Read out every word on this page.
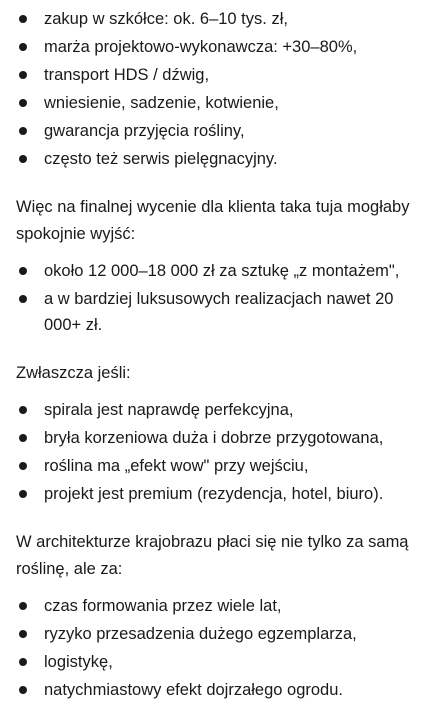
zakup w szkółce: ok. 6–10 tys. zł,
marża projektowo-wykonawcza: +30–80%,
transport HDS / dźwig,
wniesienie, sadzenie, kotwienie,
gwarancja przyjęcia rośliny,
często też serwis pielęgnacyjny.

Więc na finalnej wycenie dla klienta taka tuja mogłaby spokojnie wyjść:

około 12 000–18 000 zł za sztukę „z montażem",
a w bardziej luksusowych realizacjach nawet 20 000+ zł.

Zwłaszcza jeśli:

spirala jest naprawdę perfekcyjna,
bryła korzeniowa duża i dobrze przygotowana,
roślina ma „efekt wow" przy wejściu,
projekt jest premium (rezydencja, hotel, biuro).

W architekturze krajobrazu płaci się nie tylko za samą roślinę, ale za:

czas formowania przez wiele lat,
ryzyko przesadzenia dużego egzemplarza,
logistykę,
natychmiastowy efekt dojrzałego ogrodu.
